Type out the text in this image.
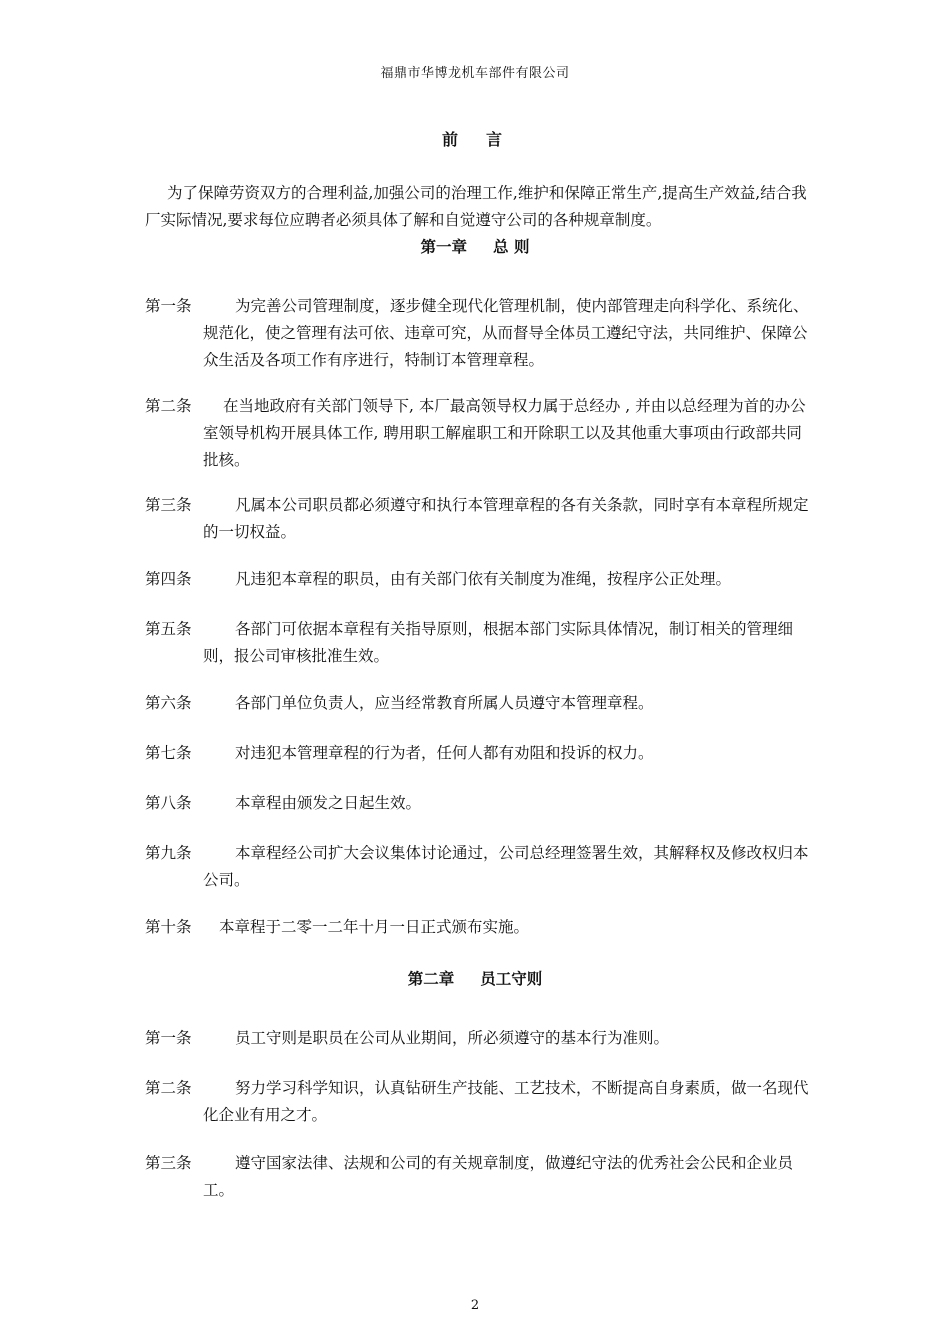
福鼎市华博龙机车部件有限公司
前　言

为了保障劳资双方的合理利益,加强公司的治理工作,维护和保障正常生产,提高生产效益,结合我厂实际情况,要求每位应聘者必须具体了解和自觉遵守公司的各种规章制度。

第一章 总 则
第一条	为完善公司管理制度，逐步健全现代化管理机制，使内部管理走向科学化、系统化、规范化，使之管理有法可依、违章可究，从而督导全体员工遵纪守法，共同维护、保障公众生活及各项工作有序进行，特制订本管理章程。

第二条	在当地政府有关部门领导下, 本厂最高领导权力属于总经办 , 并由以总经理为首的办公室领导机构开展具体工作, 聘用职工解雇职工和开除职工以及其他重大事项由行政部共同批核。

第三条	凡属本公司职员都必须遵守和执行本管理章程的各有关条款，同时享有本章程所规定的一切权益。

第四条	凡违犯本章程的职员，由有关部门依有关制度为准绳，按程序公正处理。

第五条	各部门可依据本章程有关指导原则，根据本部门实际具体情况，制订相关的管理细则，报公司审核批准生效。

第六条	各部门单位负责人，应当经常教育所属人员遵守本管理章程。

第七条	对违犯本管理章程的行为者，任何人都有劝阻和投诉的权力。

第八条	本章程由颁发之日起生效。

第九条	本章程经公司扩大会议集体讨论通过，公司总经理签署生效，其解释权及修改权归本公司。

第十条	本章程于二零一二年十月一日正式颁布实施。

第二章 员工守则
第一条	员工守则是职员在公司从业期间，所必须遵守的基本行为准则。

第二条	努力学习科学知识，认真钻研生产技能、工艺技术，不断提高自身素质，做一名现代化企业有用之才。

第三条	遵守国家法律、法规和公司的有关规章制度，做遵纪守法的优秀社会公民和企业员工。

2
